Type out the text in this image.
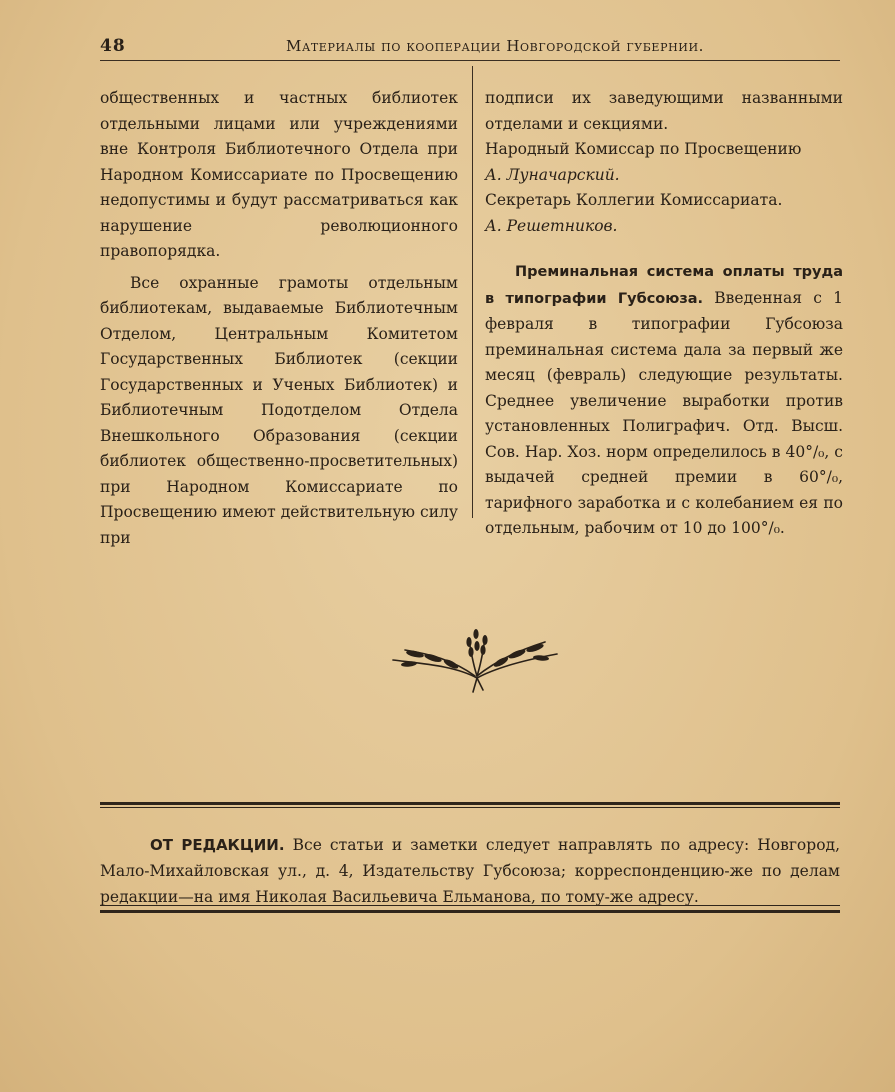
48	Материалы по кооперации Новгородской губернии.

общественных и частных библиотек отдельными лицами или учреждениями вне Контроля Библиотечного Отдела при Народном Комиссариате по Просвещению недопустимы и будут рассматриваться как нарушение революционного правопорядка.

Все охранные грамоты отдельным библиотекам, выдаваемые Библиотечным Отделом, Центральным Комитетом Государственных Библиотек (секции Государственных и Ученых Библиотек) и Библиотечным Подотделом Отдела Внешкольного Образования (секции библиотек общественно-просветительных) при Народном Комиссариате по Просвещению имеют действительную силу при

подписи их заведующими названными отделами и секциями.

Народный Комиссар по Просвещению
А. Луначарский.

Секретарь Коллегии Комиссариата.
А. Решетников.

Преминальная система оплаты труда в типографии Губсоюза. Введенная с 1 февраля в типографии Губсоюза преминальная система дала за первый же месяц (февраль) следующие результаты. Среднее увеличение выработки против установленных Полиграфич. Отд. Высш. Сов. Нар. Хоз. норм определилось в 40°/₀, с выдачей средней премии в 60°/₀, тарифного заработка и с колебанием ея по отдельным, рабочим от 10 до 100°/₀.

ОТ РЕДАКЦИИ. Все статьи и заметки следует направлять по адресу: Новгород, Мало-Михайловская ул., д. 4, Издательству Губсоюза; корреспонденцию-же по делам редакции—на имя Николая Васильевича Ельманова, по тому-же адресу.
